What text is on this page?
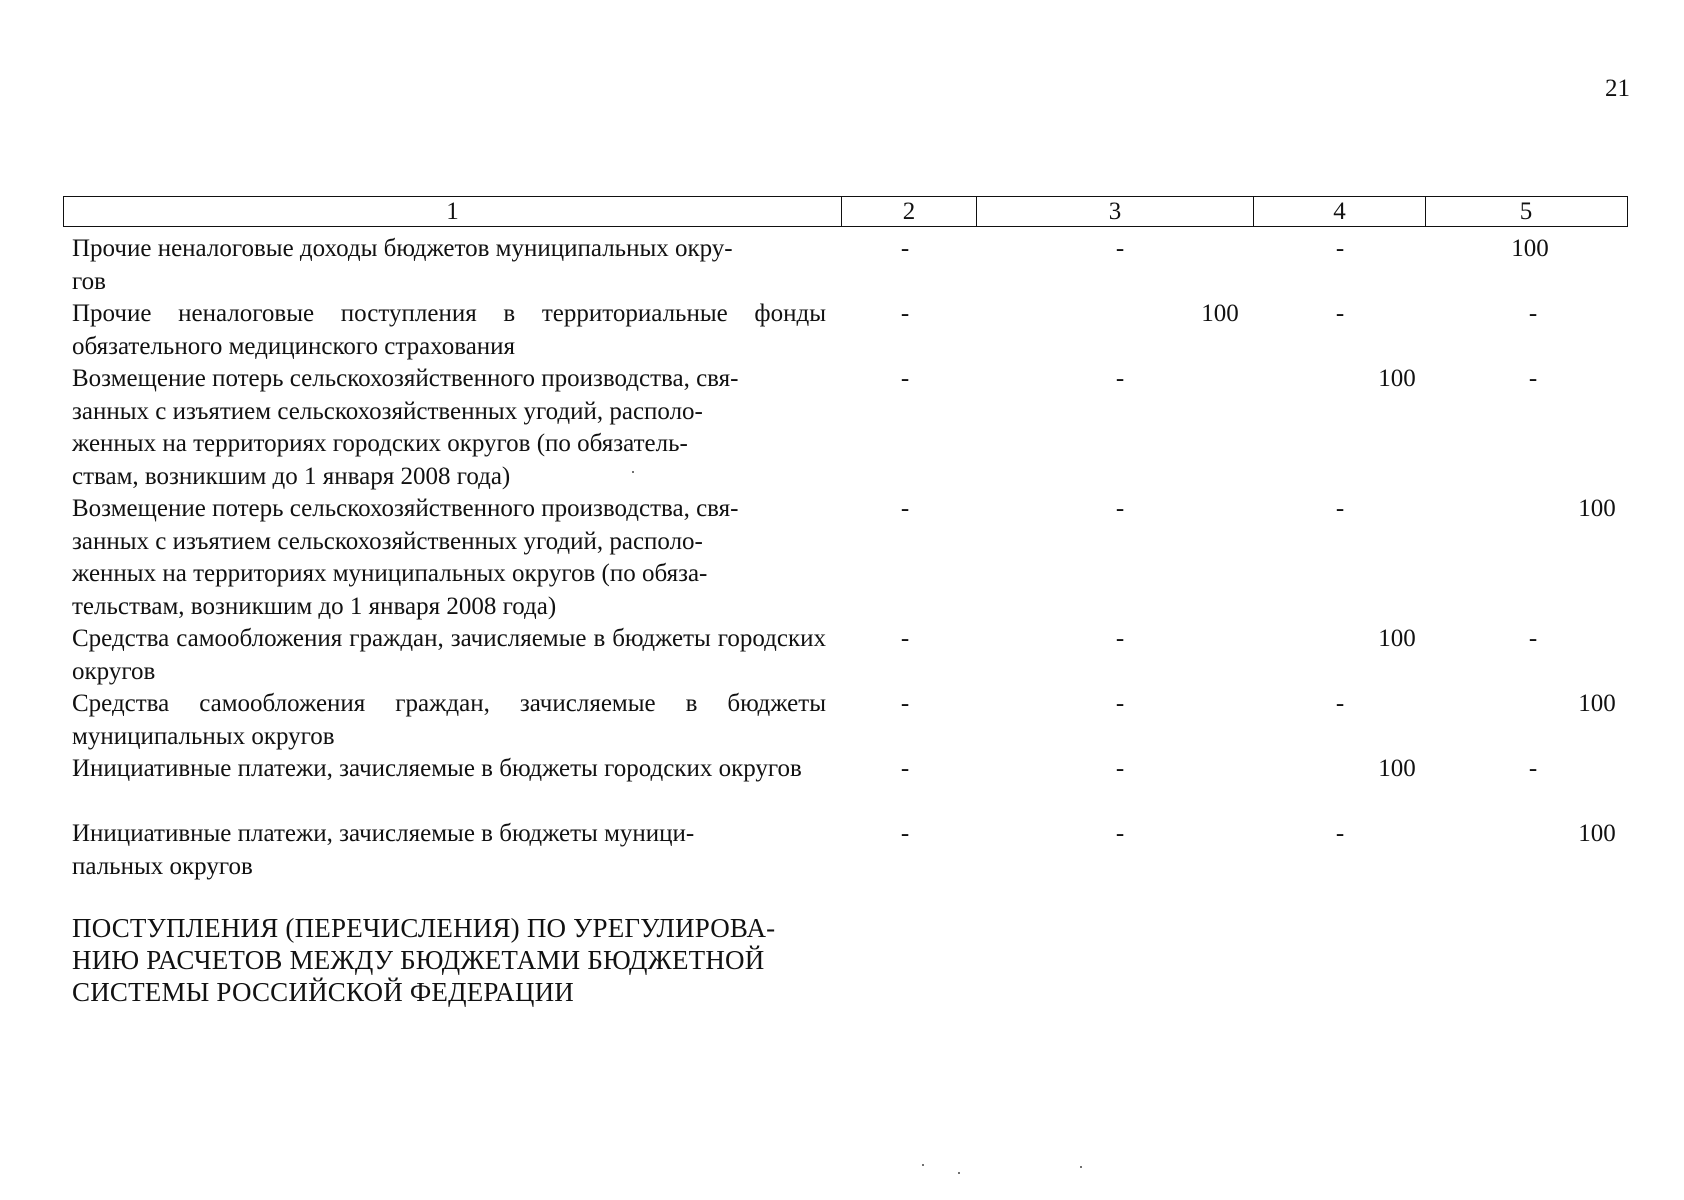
21
1	2	3	4	5
Прочие неналоговые доходы бюджетов муниципальных окру-
гов
-	-	-	100
Прочие неналоговые поступления в территориальные фонды обязательного медицинского страхования
-	100	-	-
Возмещение потерь сельскохозяйственного производства, свя-
занных с изъятием сельскохозяйственных угодий, располо-
женных на территориях городских округов (по обязатель-
ствам, возникшим до 1 января 2008 года)
-	-	100	-
Возмещение потерь сельскохозяйственного производства, свя-
занных с изъятием сельскохозяйственных угодий, располо-
женных на территориях муниципальных округов (по обяза-
тельствам, возникшим до 1 января 2008 года)
-	-	-	100
Средства самообложения граждан, зачисляемые в бюджеты городских округов
-	-	100	-
Средства самообложения граждан, зачисляемые в бюджеты муниципальных округов
-	-	-	100
Инициативные платежи, зачисляемые в бюджеты городских округов	-	-	100	-
Инициативные платежи, зачисляемые в бюджеты муници-
пальных округов
-	-	-	100
ПОСТУПЛЕНИЯ (ПЕРЕЧИСЛЕНИЯ) ПО УРЕГУЛИРОВА-
НИЮ РАСЧЕТОВ МЕЖДУ БЮДЖЕТАМИ БЮДЖЕТНОЙ
СИСТЕМЫ РОССИЙСКОЙ ФЕДЕРАЦИИ
